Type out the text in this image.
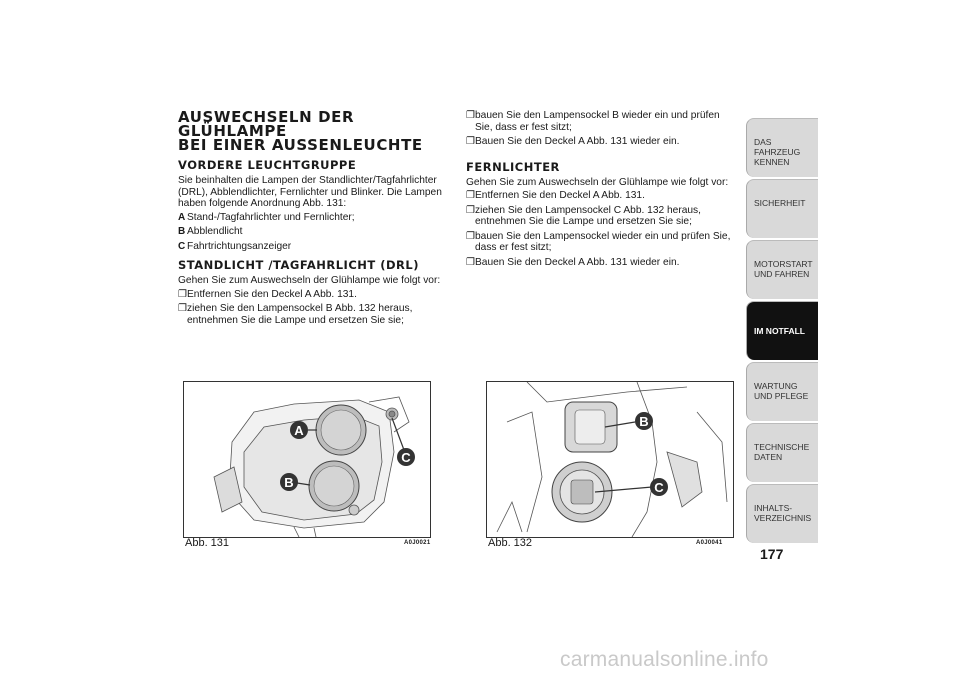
AUSWECHSELN DER GLÜHLAMPE
BEI EINER AUSSENLEUCHTE
VORDERE LEUCHTGRUPPE

Sie beinhalten die Lampen der Standlichter/Tagfahrlichter (DRL), Abblendlichter, Fernlichter und Blinker. Die Lampen haben folgende Anordnung Abb. 131:

A Stand-/Tagfahrlichter und Fernlichter;
B Abblendlicht
C Fahrtrichtungsanzeiger
STANDLICHT /TAGFAHRLICHT (DRL)

Gehen Sie zum Auswechseln der Glühlampe wie folgt vor:

❐ Entfernen Sie den Deckel A Abb. 131.
❐ ziehen Sie den Lampensockel B Abb. 132 heraus, entnehmen Sie die Lampe und ersetzen Sie sie;
❐ bauen Sie den Lampensockel B wieder ein und prüfen Sie, dass er fest sitzt;
❐ Bauen Sie den Deckel A Abb. 131 wieder ein.
FERNLICHTER

Gehen Sie zum Auswechseln der Glühlampe wie folgt vor:

❐ Entfernen Sie den Deckel A Abb. 131.
❐ ziehen Sie den Lampensockel C Abb. 132 heraus, entnehmen Sie die Lampe und ersetzen Sie sie;
❐ bauen Sie den Lampensockel wieder ein und prüfen Sie, dass er fest sitzt;
❐ Bauen Sie den Deckel A Abb. 131 wieder ein.
A
B
C
Abb. 131	A0J0021
B
C
Abb. 132	A0J0041
DAS FAHRZEUG KENNEN
SICHERHEIT
MOTORSTART UND FAHREN
IM NOTFALL
WARTUNG UND PFLEGE
TECHNISCHE DATEN
INHALTS- VERZEICHNIS
177
carmanualsonline.info
